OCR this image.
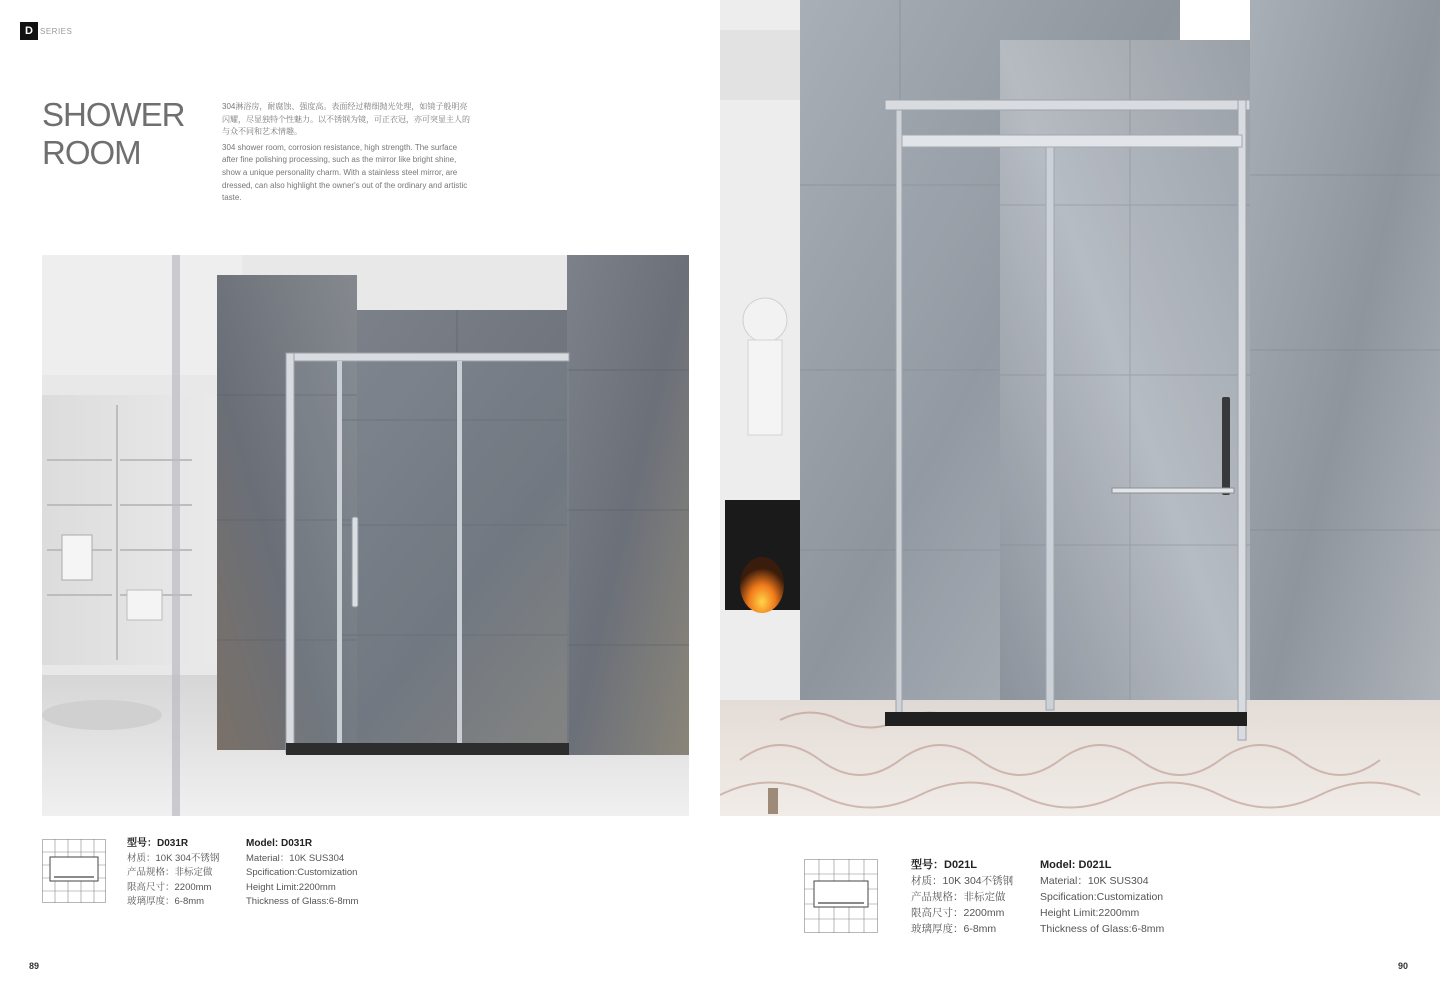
D SERIES
SHOWER
ROOM

304淋浴房，耐腐蚀、强度高。表面经过精细抛光处理，如镜子般明亮闪耀，尽显独特个性魅力。以不锈钢为镜，可正衣冠，亦可突显主人的与众不同和艺术情趣。

304 shower room, corrosion resistance, high strength. The surface after fine polishing processing, such as the mirror like bright shine, show a unique personality charm. With a stainless steel mirror, are dressed, can also highlight the owner's out of the ordinary and artistic taste.

型号：D031R
材质：10K 304不锈钢
产品规格：非标定做
限高尺寸：2200mm
玻璃厚度：6-8mm
Model: D031R
Material：10K SUS304
Spcification:Customization
Height Limit:2200mm
Thickness of Glass:6-8mm
89	90
型号：D021L
材质：10K 304不锈钢
产品规格：非标定做
限高尺寸：2200mm
玻璃厚度：6-8mm
Model: D021L
Material：10K SUS304
Spcification:Customization
Height Limit:2200mm
Thickness of Glass:6-8mm
